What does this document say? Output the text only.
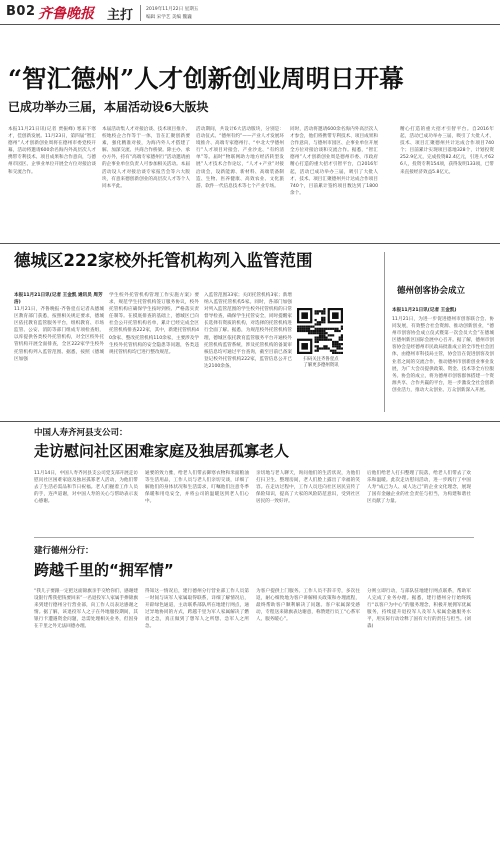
B02 齐鲁晚报 主打	2019年11月22日 星期五
编辑 宋学艺 美编 魏巍
“智汇德州”人才创新创业周明日开幕
已成功举办三届，本届活动设6大版块
本报11月21日讯(记者 贾振峰) 寒来下寒才，佳创新发展。11月23日，第四届“智汇德州”人才创新创业周将在德州市委党校开幕，活动将邀请600余名海内外高层次人才携带专利技术、项目成果和合作意向，与德州市园区、企事业单位开展全方位对接洽谈和交流合作。
本届活动集人才对接洽谈、技术项目推介、校地校企合作等于一体，旨在汇聚创新要素，强化精准对接，为海内外人才搭建了解、加深交流、共商合作桥梁。除主办、承办方外，持有“高端专家德州行”活动邀请函的企事业单位负责人可参加相关活动。本届活动设人才对接洽谈专家报告会等六大版块，有意来德创新创业的高层次人才等个人同本平此。
活动期间，共设计6大活动版块，分别是：启动仪式、“德州有约”——产业人才发展环境推介、高端专家德州行、“中北大学德州行”人才项目对接会、产业沙龙、“有约清单”等。届时“物联网助力地方经济转型发展”人才技术合作论坛，“人才+产业”对接洽谈会，设新能源、新材料、高端装备制造、生物、医养健康、高效农业、文化旅游、软件一代信息技术等七个产业专场。
同时，活动将邀请600余名海内外高层次人才参会，他们将携带专利技术、项目成果和合作意向，与德州市园区、企事业单位开展全方位对接洽谈和交流合作。据悉，“智汇德州”人才创新创业周是德州市委、市政府精心打造的重大招才引智平台，自2016年起，活动已成功举办三届，吸引了大批人才、技术、项目汇聚德州共计达成合作项目740个，目前累计签约项目数达到了1800余个。
精心打造的重大招才引智平台。自2016年起，活动已成功举办三届，吸引了大批人才、技术、项目汇聚德州共计达成合作项目740个；目前累计实现项目落地328个，计划投资252.9亿元，完成投资82.4亿元，引进人才626人，投资专利154项，获得发明133项，已带来直接经济效益5.8亿元。
德城区222家校外托管机构列入监管范围
本报11月21日讯(记者 王金凯 通讯员 周芳洁)
11月21日，齐鲁晚报·齐鲁壹点记者从德城区教育部门获悉，按照相关规定要求，德城区依托教育监管服务平台，组织教育、市场监管、公安、消防等部门组成专项检查组，以库提供各类校外托管机构，对全区校外托管机构开展全面排查，全区222家学生校外托管机构列入监管范围。据悉，按照《德城区加强
学生校外托管机构管理工作实施方案》要求，规范学生托管机构签订服务协议，校外托管机构应确保学生按时到校、严格落实责任制等。在摸底排查的基础上，德城区已向社会公开托管机构名单，累计已经完成全区托管机构排查222家，其中，新建托管机构40余家、整改托管机构110余家，主要涉及学生校外托管机构的安全隐患等问题，各类违规托管机构均已进行整改规范。
入监管范围33家；关闭托管机构3家；新增纳入监管托管机构5家。同时，各部门加强对列入监管范围的学生校外托管机构的日常督导检查，确保学生托管安全，同时提醒家长选择有资质的机构，对选择的托管机构进行全面了解。据悉，为规范校外托管机构管理，德城区依托教育监管服务平台开通校外托管机构监管系统，涉及托管机构的备案审核信息均可通过平台查询，截至目前已备案登记校外托管机构222家，监管信息公开已达2100余条。
扫码关注齐鲁壹点
了解更多德州资讯
德州创客协会成立
本报11月21日讯(记者 王金凯)
11月21日，为进一步促进德州市创客联合会、协同发展，有效整合社会资源、推动创新创业，“德州市创客协会成立仪式暨第一次会员大会”在德城区德州新区国际会展中心召开。据了解，德州市创客协会是经德州市民政局批准成立的全市性社会团体，由德州市科技局主管，协会旨在促进创客及创业者之间的交流合作，推动德州市创新创业事业发展，为广大会员提供政策、资金、技术等全方位服务。协会的成立，将为德州市创客群体搭建一个资源共享、合作共赢的平台，进一步激发全社会创新创业活力，推动大众创业、万众创新深入开展。
中国人寿齐河县支公司：
走访慰问社区困难家庭及独居孤寡老人
11月14日，中国人寿齐河县支公司党支部开展走访慰问社区困难家庭及独居孤寡老人活动，为他们带去了生活必需品和节日祝福。老人们握着工作人员的手，连声道谢，对中国人寿的关心与帮助表示衷心感谢。
通要的致力雅，给老人们带去御寒衣物和米面粮油等生活用品，工作人员与老人们亲切交谈，详细了解他们的身体状况和生活需求，叮嘱他们注意冬季保暖和用电安全，并将公司的温暖送到老人们心中。
亲切地与老人聊天，询问他们的生活状况，为他们打扫卫生、整理房间，老人们脸上露出了幸福的笑容。在走访过程中，工作人员还向社区居民宣传了保险知识，提高了大家的风险防范意识，受到社区居民的一致好评。
后他们给老人打扫整理了院落，给老人们带去了欢乐和温暖。此次走访慰问活动，进一步践行了中国人寿“成己为人、成人达己”的企业文化理念，展现了国有金融企业的社会责任与担当，为构建和谐社区贡献了力量。
建行德州分行：
跨越千里的“拥军情”
“我儿子要跟一定把这面锦旗亲手交给你们，感谢建设银行帮我把钱要回来”一名退役军人家属手捧锦旗来到建行德州分行营业部，向工作人员表达感谢之情。据了解，该退役军人之子在外地服役期间，其银行卡遭遇资金问题，急需处理相关业务，但因身在千里之外无法回德办理。
得知这一情况后，建行德州分行营业部工作人员第一时间与该军人家属取得联系，详细了解情况后，开辟绿色通道，主动联系部队所在地建行网点，通过异地协同的方式，跨越千里为军人家属解决了燃眉之急，真正做到了想军人之所想、急军人之所急。
为客户提供上门服务。工作人员不辞辛劳，多次往返，耐心细致地为客户讲解相关政策和办理流程，最终帮助客户顺利解决了问题。客户家属深受感动，专程送来锦旗表达谢意，称赞建行员工“心系军人、服务暖心”。
分则立即行动，与部队驻地建行网点联系，帮助军人完成了业务办理。据悉，建行德州分行始终践行“以客户为中心”的服务理念，积极开展拥军优属服务，持续提升退役军人及军人家属金融服务水平，用实际行动诠释了国有大行的责任与担当。(刘淼)
